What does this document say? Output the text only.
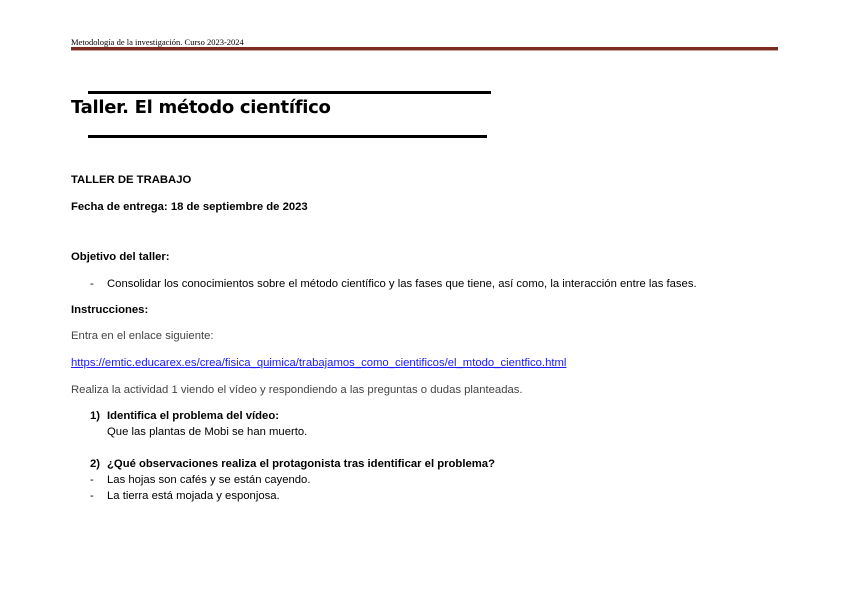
Metodología de la investigación. Curso 2023-2024
Taller. El método científico
TALLER DE TRABAJO
Fecha de entrega: 18 de septiembre de 2023
Objetivo del taller:
- Consolidar los conocimientos sobre el método científico y las fases que tiene, así como, la interacción entre las fases.
Instrucciones:
Entra en el enlace siguiente:
https://emtic.educarex.es/crea/fisica_quimica/trabajamos_como_cientificos/el_mtodo_cientfico.html
Realiza la actividad 1 viendo el vídeo y respondiendo a las preguntas o dudas planteadas.
1) Identifica el problema del vídeo:
Que las plantas de Mobi se han muerto.
2) ¿Qué observaciones realiza el protagonista tras identificar el problema?
- Las hojas son cafés y se están cayendo.
- La tierra está mojada y esponjosa.
